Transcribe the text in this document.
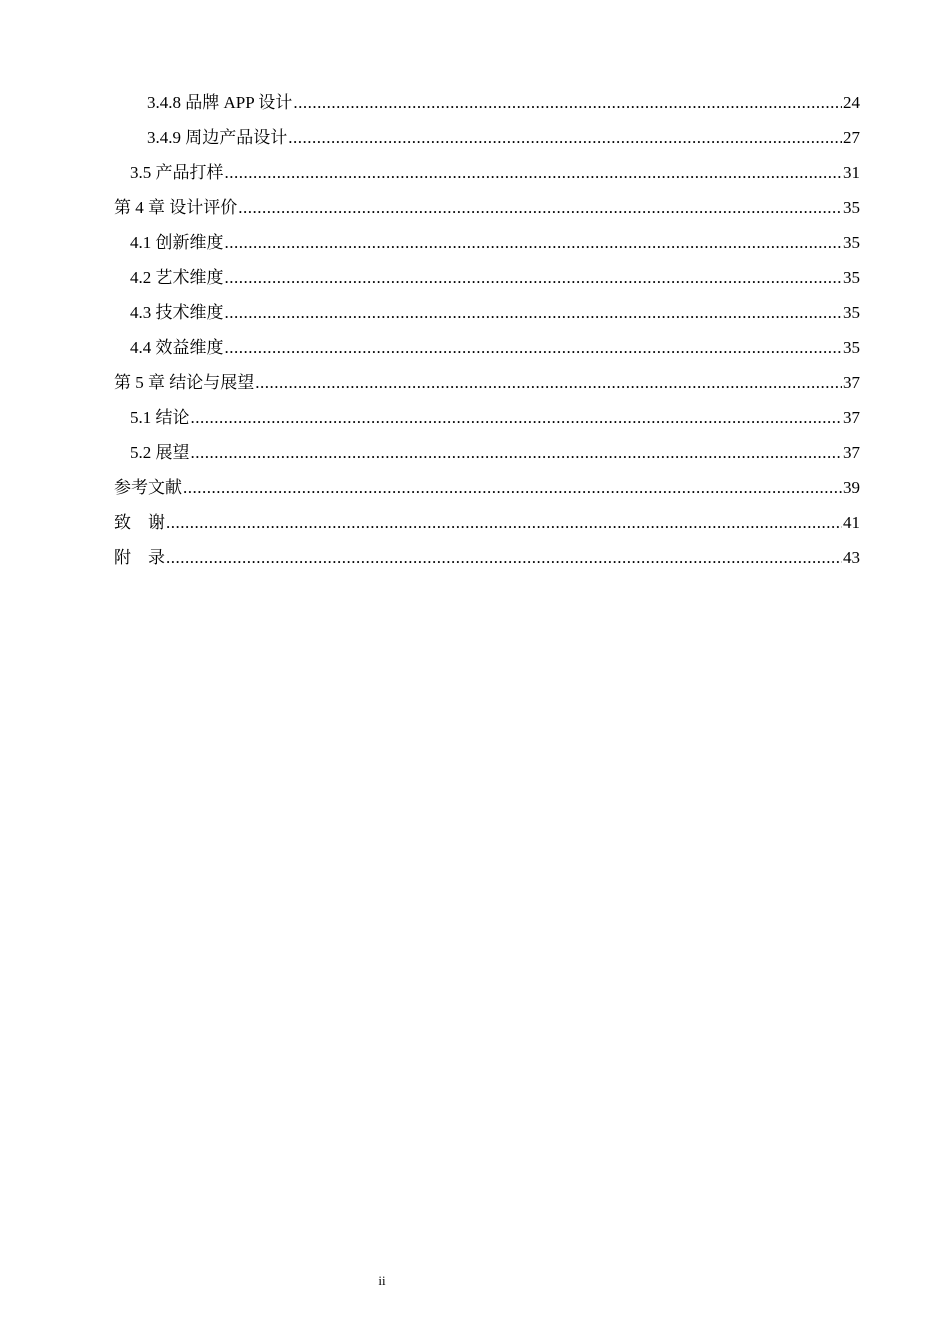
3.4.8 品牌 APP 设计 .....	24
3.4.9 周边产品设计 .....	27
3.5 产品打样 .....	31
第 4 章 设计评价 .....	35
4.1 创新维度 .....	35
4.2 艺术维度 .....	35
4.3 技术维度 .....	35
4.4 效益维度 .....	35
第 5 章 结论与展望 .....	37
5.1 结论 .....	37
5.2 展望 .....	37
参考文献 .....	39
致　谢 .....	41
附　录 .....	43
ii
